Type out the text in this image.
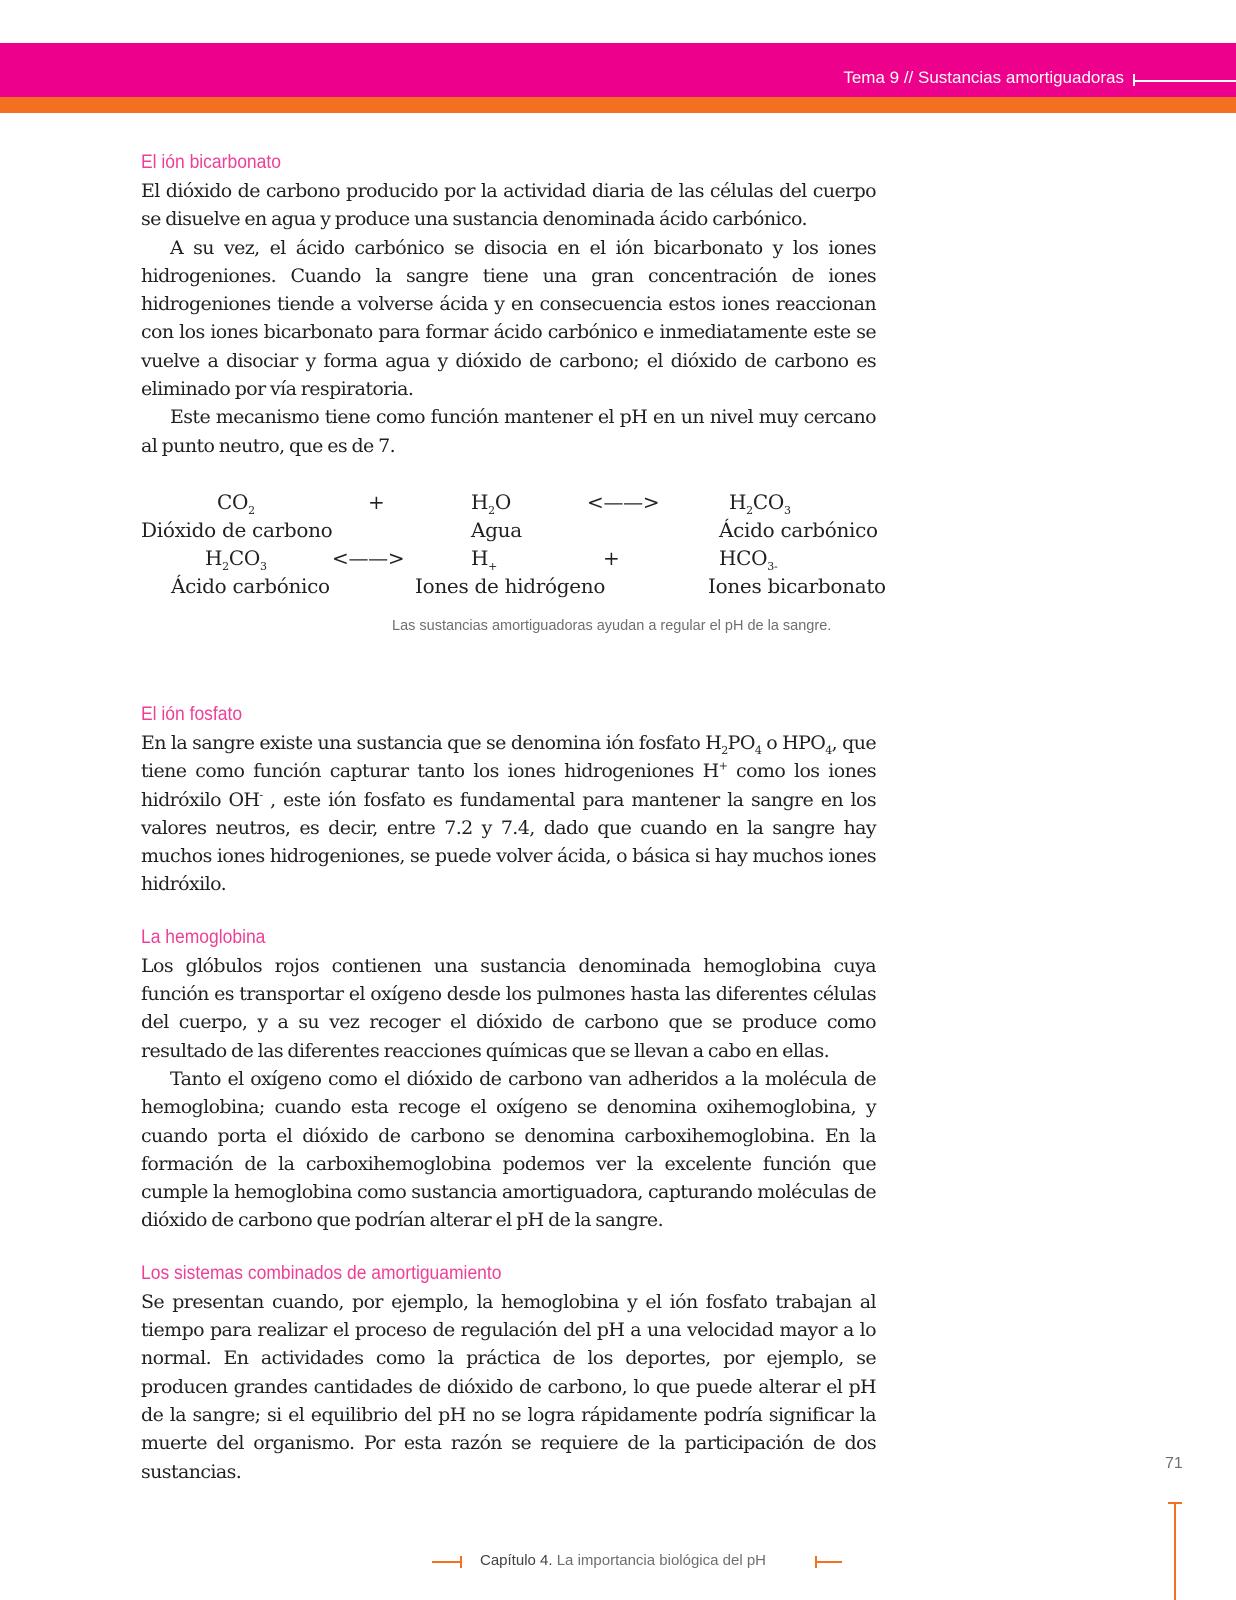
Tema 9 // Sustancias amortiguadoras
El ión bicarbonato

El dióxido de carbono producido por la actividad diaria de las células del cuerpo se disuelve en agua y produce una sustancia denominada ácido carbónico.

A su vez, el ácido carbónico se disocia en el ión bicarbonato y los iones hidrogeniones. Cuando la sangre tiene una gran concentración de iones hidrogeniones tiende a volverse ácida y en consecuencia estos iones reaccionan con los iones bicarbonato para formar ácido carbónico e inmediatamente este se vuelve a disociar y forma agua y dióxido de carbono; el dióxido de carbono es eliminado por vía respiratoria.

Este mecanismo tiene como función mantener el pH en un nivel muy cercano al punto neutro, que es de 7.

$CO_2$	+	$H_2O$	<——>	$H_2CO_3$
Dióxido de carbono	Agua	Ácido carbónico
$H_2CO_3$	<——>	$H_+$	+	$HCO_{3-}$
Ácido carbónico	Iones de hidrógeno	Iones bicarbonato
El ión fosfato

En la sangre existe una sustancia que se denomina ión fosfato $H_2PO_4$ o $HPO_4$, que tiene como función capturar tanto los iones hidrogeniones H+ como los iones hidróxilo OH- , este ión fosfato es fundamental para mantener la sangre en los valores neutros, es decir, entre 7.2 y 7.4, dado que cuando en la sangre hay muchos iones hidrogeniones, se puede volver ácida, o básica si hay muchos iones hidróxilo.

La hemoglobina

Los glóbulos rojos contienen una sustancia denominada hemoglobina cuya función es transportar el oxígeno desde los pulmones hasta las diferentes células del cuerpo, y a su vez recoger el dióxido de carbono que se produce como resultado de las diferentes reacciones químicas que se llevan a cabo en ellas.

Tanto el oxígeno como el dióxido de carbono van adheridos a la molécula de hemoglobina; cuando esta recoge el oxígeno se denomina oxihemoglobina, y cuando porta el dióxido de carbono se denomina carboxihemoglobina. En la formación de la carboxihemoglobina podemos ver la excelente función que cumple la hemoglobina como sustancia amortiguadora, capturando moléculas de dióxido de carbono que podrían alterar el pH de la sangre.

Los sistemas combinados de amortiguamiento

Se presentan cuando, por ejemplo, la hemoglobina y el ión fosfato trabajan al tiempo para realizar el proceso de regulación del pH a una velocidad mayor a lo normal. En actividades como la práctica de los deportes, por ejemplo, se producen grandes cantidades de dióxido de carbono, lo que puede alterar el pH de la sangre; si el equilibrio del pH no se logra rápidamente podría significar la muerte del organismo. Por esta razón se requiere de la participación de dos sustancias.

Las sustancias amortiguadoras ayudan a regular el pH de la sangre.
71
Capítulo 4. La importancia biológica del pH
